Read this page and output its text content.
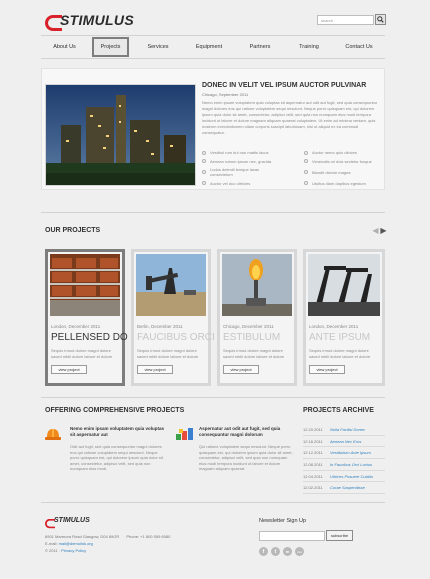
STIMULUS	search
About Us	Projects	Services	Equipment	Partners	Training	Contact Us
DONEC IN VELIT VEL IPSUM AUCTOR PULVINAR
Chicago, September 2011
Nemo enim ipsam voluptatem quia voluptas sit aspernatur aut odit aut fugit, sed quia consequuntur magni dolores eos qui ratione voluptatem sequi nesciunt. Neque porro quisquam est, qui dolorem ipsum quia dolor sit amet, consectetur, adipisci velit, sed quia non numquam eius modi tempora incidunt ut labore et dolore magnam aliquam quaerat voluptatem. Ut enim ad minima veniam, quis nostrum exercitationem ullam corporis suscipit laboriosam, nisi ut aliquid ex ea commodi consequatur.
Vestibul rum dui nun mattis lacus	Auctor nemo quis ultrices
Aenean rutrum ipsum nec, gravida	Venenatis mi dois sectetur fusque
Ludos deleniti lenique laxas consectetum	Blandit dictum magna
Auctor vel duo ultricies	Utultus diam dapibus egestum
OUR PROJECTS	◀ ▶
London, December 2011
PELLENSED DO
Sequis irmod dolore magni dolore saved mbili dolore labore et dolore
view project
Berlin, December 2011
FAUCIBUS ORCI
Sequis irmod dolore magni dolore saved mbili dolore labore et dolore
view project
Chicago, December 2011
ESTIBULUM
Sequis irmod dolore magni dolore saved mbili dolore labore et dolore
view project
London, December 2011
ANTE IPSUM
Sequis irmod dolore magni dolore saved mbili dolore labore et dolore
view project
OFFERING COMPREHENSIVE PROJECTS
Nemo enim ipsam voluptatem quia voluptas sit aspernatur aut
Odit aut fugit, sed quia consequuntur magni dolores eos qui ratione voluptatem sequi nesciunt. Neque porro quisquam est, qui dolorem ipsum quia dolor sit amet, consectetur, adipisci velit, sed quia non numquam eius modi.
Aspernatur aut odit aut fugit, sed quia consequuntur magni dolorum
Qui ratione voluptatem sequi nesciunt. Neque porro quisquam est, qui dolorem ipsum quia dolor sit amet, consectetur, adipisci velit, sed quia non numquam eius modi tempora incidunt ut labore et dolore magnam aliquam quaerat.
PROJECTS ARCHIVE
12.20.2011	Nulla Facilisi Donec
12.16.2011	Aenean Nec Eros
12.12.2011	Vestibulum Ante Ipsum
12.08.2011	In Faucibus Orci Luctus
12.04.2011	Ultrices Posuere Cubilia
12.02.2011	Curae Suspendisse
STIMULUS
8901 Marmora Road Glasgow, D04 89GR Phone: +1 800 559 6580
E-mail: mail@demolink.org
© 2011 · Privacy Policy
Newsletter Sign Up
subscribe
f	t	in	rss
